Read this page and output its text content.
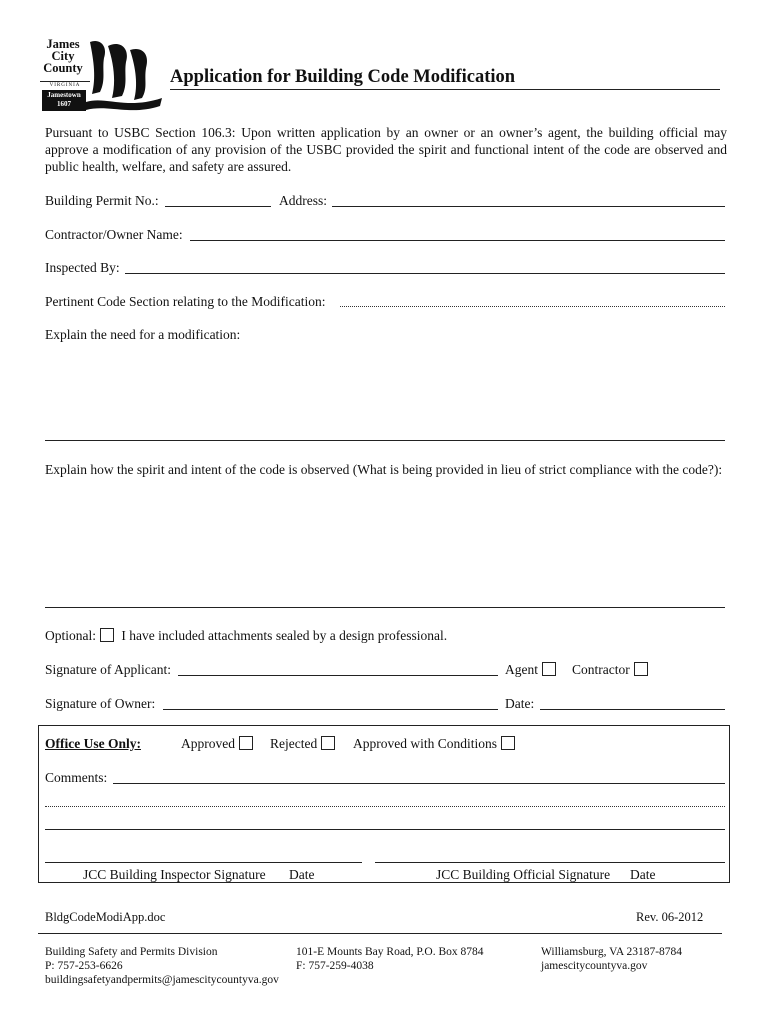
James
City
County
VIRGINIA
Jamestown
1607
Application for Building Code Modification
Pursuant to USBC Section 106.3: Upon written application by an owner or an owner’s agent, the building official may approve a modification of any provision of the USBC provided the spirit and functional intent of the code are observed and public health, welfare, and safety are assured.
Building Permit No.:	Address:
Contractor/Owner Name:
Inspected By:
Pertinent Code Section relating to the Modification:
Explain the need for a modification:
Explain how the spirit and intent of the code is observed (What is being provided in lieu of strict compliance with the code?):
Optional: I have included attachments sealed by a design professional.
Signature of Applicant:	Agent	Contractor
Signature of Owner:	Date:
Office Use Only:	Approved	Rejected	Approved with Conditions
Comments:
JCC Building Inspector Signature Date	JCC Building Official Signature Date
BldgCodeModiApp.doc	Rev. 06-2012
Building Safety and Permits Division
P: 757-253-6626
buildingsafetyandpermits@jamescitycountyva.gov
101-E Mounts Bay Road, P.O. Box 8784
F: 757-259-4038
Williamsburg, VA 23187-8784
jamescitycountyva.gov
